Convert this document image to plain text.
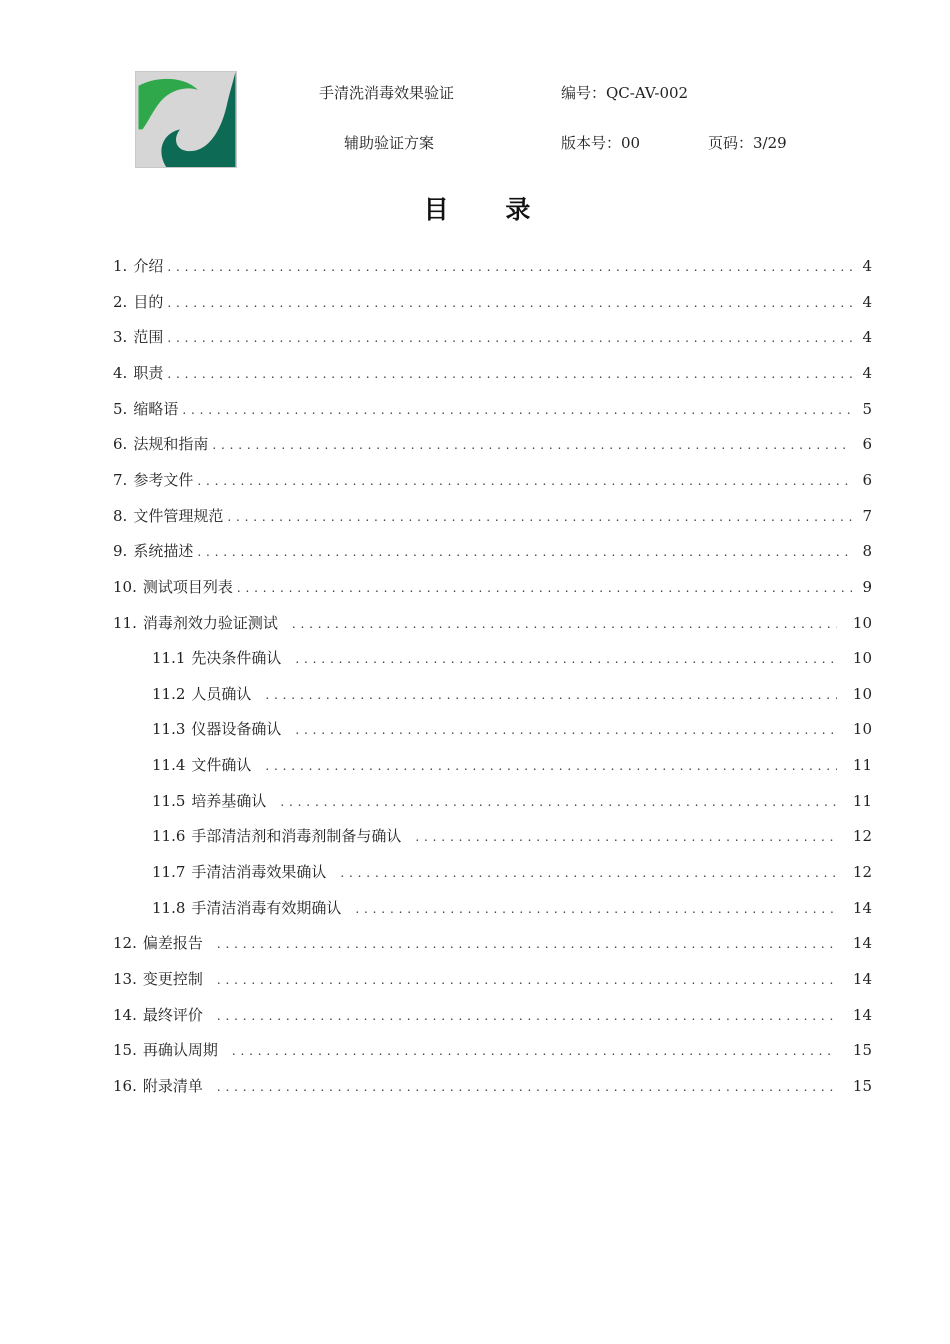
手清洗消毒效果验证
辅助验证方案
编号：QC-AV-002
版本号：00	页码：3/29
目 录
1. 介绍 . . .	4
2. 目的 . . .	4
3. 范围 . . .	4
4. 职责 . . .	4
5. 缩略语 . . .	5
6. 法规和指南 . . .	6
7. 参考文件 . . .	6
8. 文件管理规范 . . .	7
9. 系统描述 . . .	8
10. 测试项目列表 . . .	9
11. 消毒剂效力验证测试 . . .	10
11.1 先决条件确认 . . .	10
11.2 人员确认 . . .	10
11.3 仪器设备确认 . . .	10
11.4 文件确认 . . .	11
11.5 培养基确认 . . .	11
11.6 手部清洁剂和消毒剂制备与确认 . . .	12
11.7 手清洁消毒效果确认 . . .	12
11.8 手清洁消毒有效期确认 . . .	14
12. 偏差报告 . . .	14
13. 变更控制 . . .	14
14. 最终评价 . . .	14
15. 再确认周期 . . .	15
16. 附录清单 . . .	15
